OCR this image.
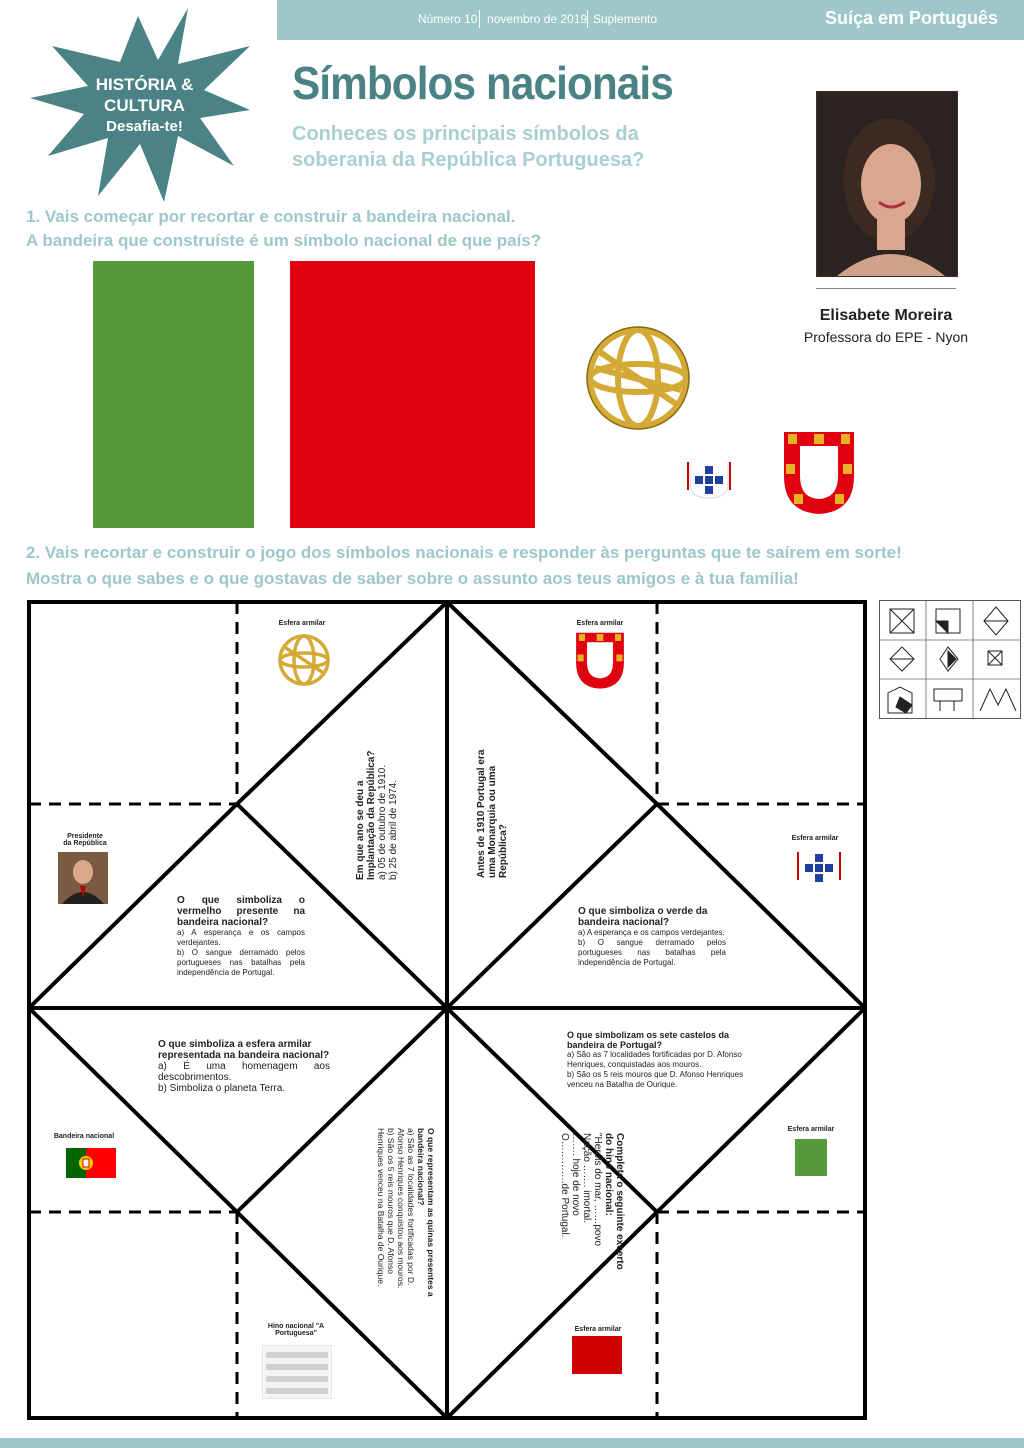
Número 10 novembro de 2019 Suplemento	Suíça em Português
HISTÓRIA &
CULTURA
Desafia-te!
Símbolos nacionais
Conheces os principais símbolos da soberania da República Portuguesa?
1. Vais começar por recortar e construir a bandeira nacional.
A bandeira que construíste é um símbolo nacional de que país?
Elisabete Moreira
Professora do EPE - Nyon
2. Vais recortar e construir o jogo dos símbolos nacionais e responder às perguntas que te saírem em sorte!
Mostra o que sabes e o que gostavas de saber sobre o assunto aos teus amigos e à tua família!
Esfera armilar	Esfera armilar
Presidente
da República
Esfera armilar
O que simboliza o vermelho presente na bandeira nacional?
a) A esperança e os campos verdejantes.
b) O sangue derramado pelos portugueses nas batalhas pela independência de Portugal.
Em que ano se deu a Implantação da República? a) 05 de outubro de 1910. b) 25 de abril de 1974.	Antes de 1910 Portugal era uma Monarquia ou uma República?
O que simboliza o verde da bandeira nacional?
a) A esperança e os campos verdejantes.
b) O sangue derramado pelos portugueses nas batalhas pela independência de Portugal.
O que simboliza a esfera armilar representada na bandeira nacional?
a) É uma homenagem aos descobrimentos.
b) Simboliza o planeta Terra.
O que simbolizam os sete castelos da bandeira de Portugal?
a) São as 7 localidades fortificadas por D. Afonso Henriques, conquistadas aos mouros.
b) São os 5 reis mouros que D. Afonso Henriques venceu na Batalha de Ourique.
Bandeira nacional	O que representam as quinas presentes a bandeira nacional?
a) São as 7 localidades fortificadas por D. Afonso Henriques conquistou aos mouros.
b) São os 5 reis mouros que D. Afonso Henriques venceu na Batalha de Ourique.	Completa o seguinte excerto do hino nacional:
"Heróis do mar, ……povo
Nação ……. imortal.
……. hoje de novo
O………….de Portugal.
Esfera armilar
Esfera armilar
Hino nacional "A
Portuguesa"
